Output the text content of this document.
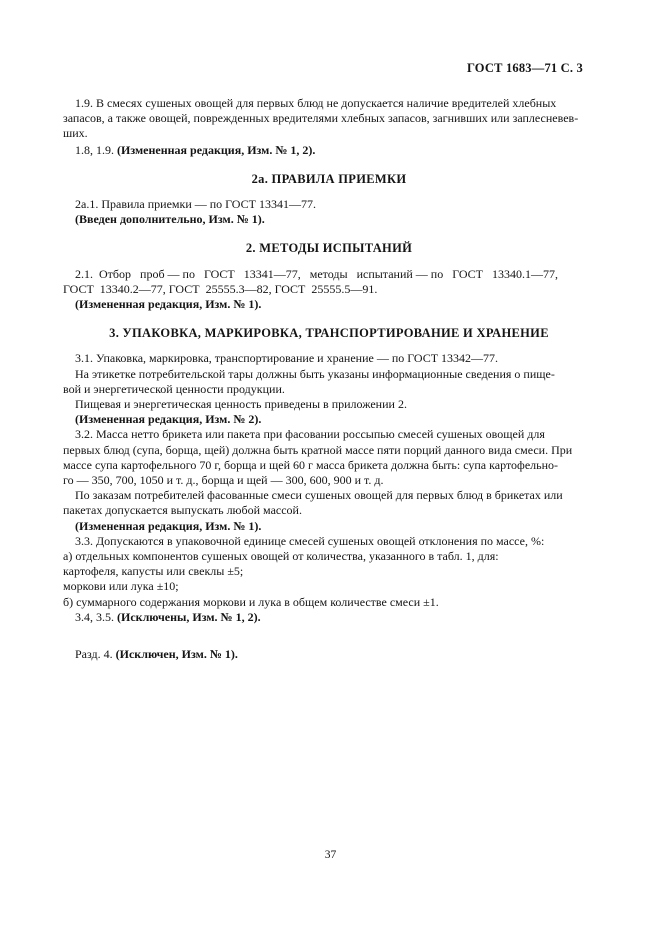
ГОСТ 1683—71 С. 3
1.9. В смесях сушеных овощей для первых блюд не допускается наличие вредителей хлебных
запасов, а также овощей, поврежденных вредителями хлебных запасов, загнивших или заплесневев-
ших.
1.8, 1.9. (Измененная редакция, Изм. № 1, 2).
2а. ПРАВИЛА ПРИЕМКИ
2а.1. Правила приемки — по ГОСТ 13341—77.
(Введен дополнительно, Изм. № 1).
2. МЕТОДЫ ИСПЫТАНИЙ
2.1.  Отбор   проб — по   ГОСТ   13341—77,   методы   испытаний — по   ГОСТ   13340.1—77,
ГОСТ  13340.2—77, ГОСТ  25555.3—82, ГОСТ  25555.5—91.
(Измененная редакция, Изм. № 1).
3. УПАКОВКА, МАРКИРОВКА, ТРАНСПОРТИРОВАНИЕ И ХРАНЕНИЕ
3.1. Упаковка, маркировка, транспортирование и хранение — по ГОСТ 13342—77.
На этикетке потребительской тары должны быть указаны информационные сведения о пище-
вой и энергетической ценности продукции.
Пищевая и энергетическая ценность приведены в приложении 2.
(Измененная редакция, Изм. № 2).
3.2. Масса нетто брикета или пакета при фасовании россыпью смесей сушеных овощей для
первых блюд (супа, борща, щей) должна быть кратной массе пяти порций данного вида смеси. При
массе супа картофельного 70 г, борща и щей 60 г масса брикета должна быть: супа картофельно-
го — 350, 700, 1050 и т. д., борща и щей — 300, 600, 900 и т. д.
По заказам потребителей фасованные смеси сушеных овощей для первых блюд в брикетах или
пакетах допускается выпускать любой массой.
(Измененная редакция, Изм. № 1).
3.3. Допускаются в упаковочной единице смесей сушеных овощей отклонения по массе, %:
а) отдельных компонентов сушеных овощей от количества, указанного в табл. 1, для:
картофеля, капусты или свеклы ±5;
моркови или лука ±10;
б) суммарного содержания моркови и лука в общем количестве смеси ±1.
3.4, 3.5. (Исключены, Изм. № 1, 2).
Разд. 4. (Исключен, Изм. № 1).
37
